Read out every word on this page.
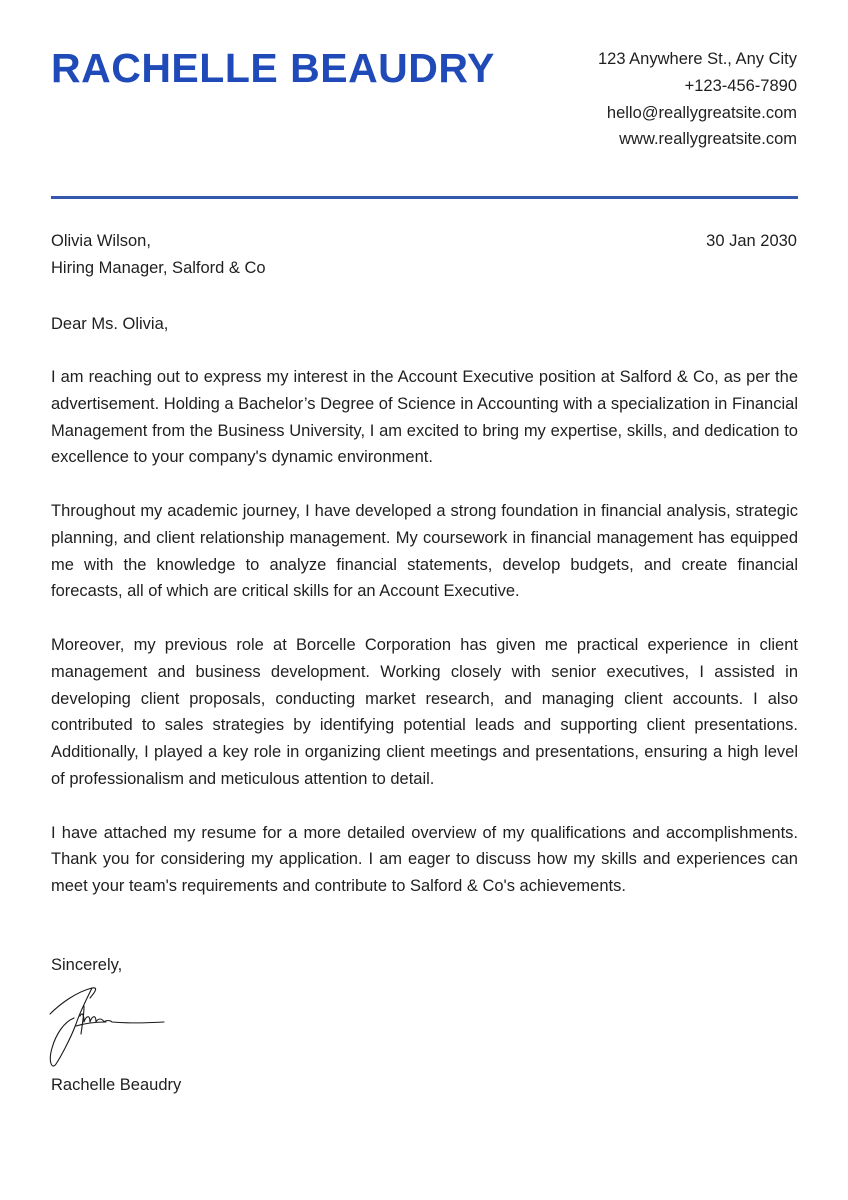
RACHELLE BEAUDRY	123 Anywhere St., Any City
+123-456-7890
hello@reallygreatsite.com
www.reallygreatsite.com
Olivia Wilson,
Hiring Manager, Salford & Co
30 Jan 2030

Dear Ms. Olivia,

I am reaching out to express my interest in the Account Executive position at Salford & Co, as per the advertisement. Holding a Bachelor’s Degree of Science in Accounting with a specialization in Financial Management from the Business University, I am excited to bring my expertise, skills, and dedication to excellence to your company's dynamic environment.

Throughout my academic journey, I have developed a strong foundation in financial analysis, strategic planning, and client relationship management. My coursework in financial management has equipped me with the knowledge to analyze financial statements, develop budgets, and create financial forecasts, all of which are critical skills for an Account Executive.

Moreover, my previous role at Borcelle Corporation has given me practical experience in client management and business development. Working closely with senior executives, I assisted in developing client proposals, conducting market research, and managing client accounts. I also contributed to sales strategies by identifying potential leads and supporting client presentations. Additionally, I played a key role in organizing client meetings and presentations, ensuring a high level of professionalism and meticulous attention to detail.

I have attached my resume for a more detailed overview of my qualifications and accomplishments. Thank you for considering my application. I am eager to discuss how my skills and experiences can meet your team's requirements and contribute to Salford & Co's achievements.

Sincerely,

Rachelle Beaudry
